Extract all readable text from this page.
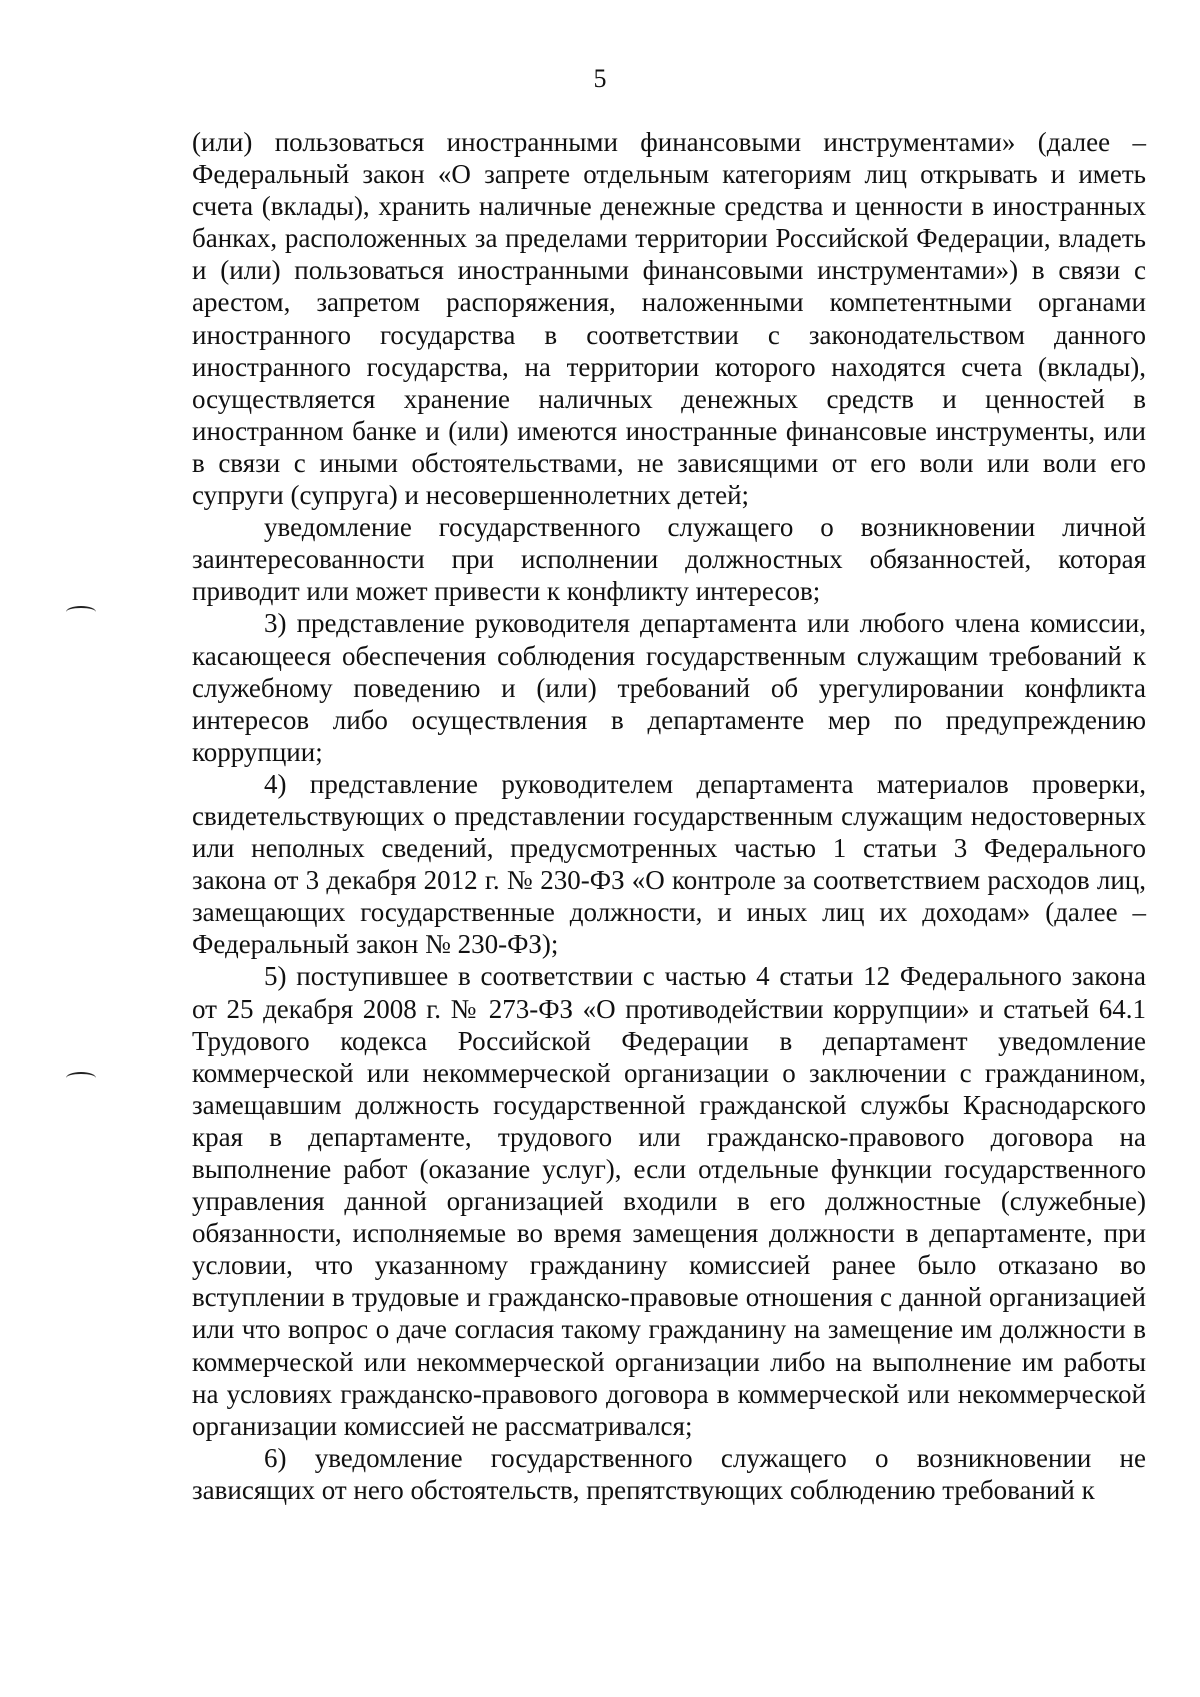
5

(или) пользоваться иностранными финансовыми инструментами» (далее – Федеральный закон «О запрете отдельным категориям лиц открывать и иметь счета (вклады), хранить наличные денежные средства и ценности в иностранных банках, расположенных за пределами территории Российской Федерации, владеть и (или) пользоваться иностранными финансовыми инструментами») в связи с арестом, запретом распоряжения, наложенными компетентными органами иностранного государства в соответствии с законодательством данного иностранного государства, на территории которого находятся счета (вклады), осуществляется хранение наличных денежных средств и ценностей в иностранном банке и (или) имеются иностранные финансовые инструменты, или в связи с иными обстоятельствами, не зависящими от его воли или воли его супруги (супруга) и несовершеннолетних детей;

уведомление государственного служащего о возникновении личной заинтересованности при исполнении должностных обязанностей, которая приводит или может привести к конфликту интересов;

3) представление руководителя департамента или любого члена комиссии, касающееся обеспечения соблюдения государственным служащим требований к служебному поведению и (или) требований об урегулировании конфликта интересов либо осуществления в департаменте мер по предупреждению коррупции;

4) представление руководителем департамента материалов проверки, свидетельствующих о представлении государственным служащим недостоверных или неполных сведений, предусмотренных частью 1 статьи 3 Федерального закона от 3 декабря 2012 г. № 230-ФЗ «О контроле за соответствием расходов лиц, замещающих государственные должности, и иных лиц их доходам» (далее – Федеральный закон № 230-ФЗ);

5) поступившее в соответствии с частью 4 статьи 12 Федерального закона от 25 декабря 2008 г. № 273-ФЗ «О противодействии коррупции» и статьей 64.1 Трудового кодекса Российской Федерации в департамент уведомление коммерческой или некоммерческой организации о заключении с гражданином, замещавшим должность государственной гражданской службы Краснодарского края в департаменте, трудового или гражданско-правового договора на выполнение работ (оказание услуг), если отдельные функции государственного управления данной организацией входили в его должностные (служебные) обязанности, исполняемые во время замещения должности в департаменте, при условии, что указанному гражданину комиссией ранее было отказано во вступлении в трудовые и гражданско-правовые отношения с данной организацией или что вопрос о даче согласия такому гражданину на замещение им должности в коммерческой или некоммерческой организации либо на выполнение им работы на условиях гражданско-правового договора в коммерческой или некоммерческой организации комиссией не рассматривался;

6) уведомление государственного служащего о возникновении не зависящих от него обстоятельств, препятствующих соблюдению требований к
